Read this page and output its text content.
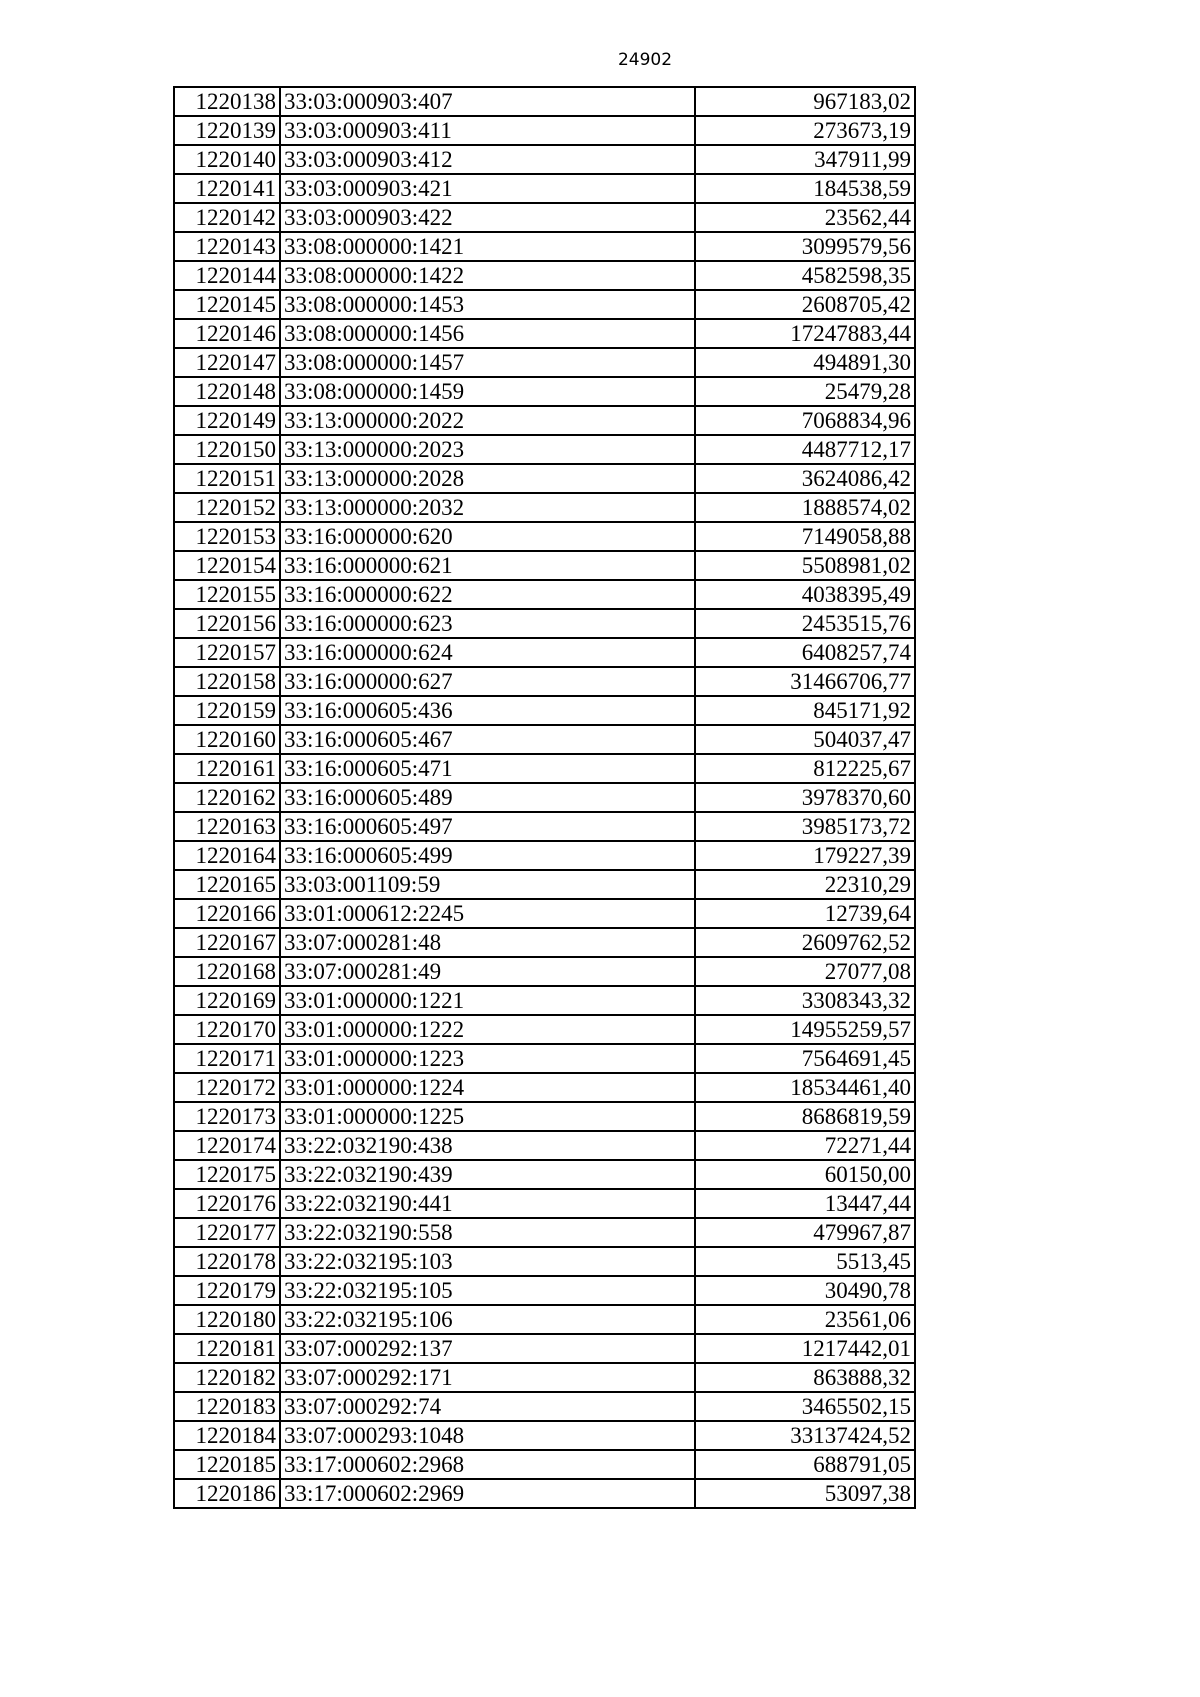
24902
1220138	33:03:000903:407	967183,02
1220139	33:03:000903:411	273673,19
1220140	33:03:000903:412	347911,99
1220141	33:03:000903:421	184538,59
1220142	33:03:000903:422	23562,44
1220143	33:08:000000:1421	3099579,56
1220144	33:08:000000:1422	4582598,35
1220145	33:08:000000:1453	2608705,42
1220146	33:08:000000:1456	17247883,44
1220147	33:08:000000:1457	494891,30
1220148	33:08:000000:1459	25479,28
1220149	33:13:000000:2022	7068834,96
1220150	33:13:000000:2023	4487712,17
1220151	33:13:000000:2028	3624086,42
1220152	33:13:000000:2032	1888574,02
1220153	33:16:000000:620	7149058,88
1220154	33:16:000000:621	5508981,02
1220155	33:16:000000:622	4038395,49
1220156	33:16:000000:623	2453515,76
1220157	33:16:000000:624	6408257,74
1220158	33:16:000000:627	31466706,77
1220159	33:16:000605:436	845171,92
1220160	33:16:000605:467	504037,47
1220161	33:16:000605:471	812225,67
1220162	33:16:000605:489	3978370,60
1220163	33:16:000605:497	3985173,72
1220164	33:16:000605:499	179227,39
1220165	33:03:001109:59	22310,29
1220166	33:01:000612:2245	12739,64
1220167	33:07:000281:48	2609762,52
1220168	33:07:000281:49	27077,08
1220169	33:01:000000:1221	3308343,32
1220170	33:01:000000:1222	14955259,57
1220171	33:01:000000:1223	7564691,45
1220172	33:01:000000:1224	18534461,40
1220173	33:01:000000:1225	8686819,59
1220174	33:22:032190:438	72271,44
1220175	33:22:032190:439	60150,00
1220176	33:22:032190:441	13447,44
1220177	33:22:032190:558	479967,87
1220178	33:22:032195:103	5513,45
1220179	33:22:032195:105	30490,78
1220180	33:22:032195:106	23561,06
1220181	33:07:000292:137	1217442,01
1220182	33:07:000292:171	863888,32
1220183	33:07:000292:74	3465502,15
1220184	33:07:000293:1048	33137424,52
1220185	33:17:000602:2968	688791,05
1220186	33:17:000602:2969	53097,38
